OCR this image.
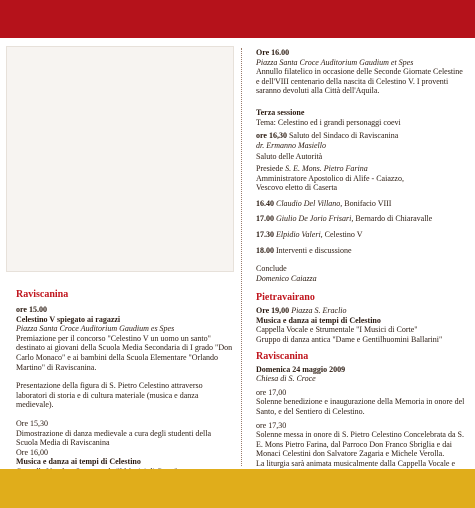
Raviscanina

ore 15.00

Celestino V spiegato ai ragazzi

Piazza Santa Croce Auditorium Gaudium es Spes

Premiazione per il concorso "Celestino V un uomo un santo" destinato ai giovani della Scuola Media Secondaria di I grado "Don Carlo Monaco" e ai bambini della Scuola Elementare "Orlando Martino" di Raviscanina.

Presentazione della figura di S. Pietro Celestino attraverso laboratori di storia e di cultura materiale (musica e danza medievale).

Ore 15,30

Dimostrazione di danza medievale a cura degli studenti della Scuola Media di Raviscanina

Ore 16,00

Musica e danza ai tempi di Celestino

Ore 16.00

Piazza Santa Croce Auditorium Gaudium et Spes

Annullo filatelico in occasione delle Seconde Giornate Celestine e dell'VIII centenario della nascita di Celestino V. I proventi saranno devoluti alla Città dell'Aquila.

Terza sessione

Tema: Celestino ed i grandi personaggi coevi

ore 16,30 Saluto del Sindaco di Raviscanina

dr. Ermanno Masiello

Saluto delle Autorità

Presiede S. E. Mons. Pietro Farina

Amministratore Apostolico di Alife - Caiazzo,

Vescovo eletto di Caserta

16.40 Claudio Del Villano, Bonifacio VIII

17.00 Giulio De Jorio Frisari, Bernardo di Chiaravalle

17.30 Elpidio Valeri, Celestino V

18.00 Interventi e discussione

Conclude

Domenico Caiazza

Pietravairano

Ore 19,00 Piazza S. Eraclio

Musica e danza ai tempi di Celestino

Cappella Vocale e Strumentale "I Musici di Corte"

Gruppo di danza antica "Dame e Gentilhuomini Ballarini"

Raviscanina

Domenica 24 maggio 2009

Chiesa di S. Croce

ore 17,00

Solenne benedizione e inaugurazione della Memoria in onore del Santo, e del Sentiero di Celestino.

ore 17,30

Solenne messa in onore di S. Pietro Celestino Concelebrata da S. E. Mons Pietro Farina, dal Parroco Don Franco Sbriglia e dai Monaci Celestini don Salvatore Zagaria e Michele Verolla.

La liturgia sarà animata musicalmente dalla Cappella Vocale e
